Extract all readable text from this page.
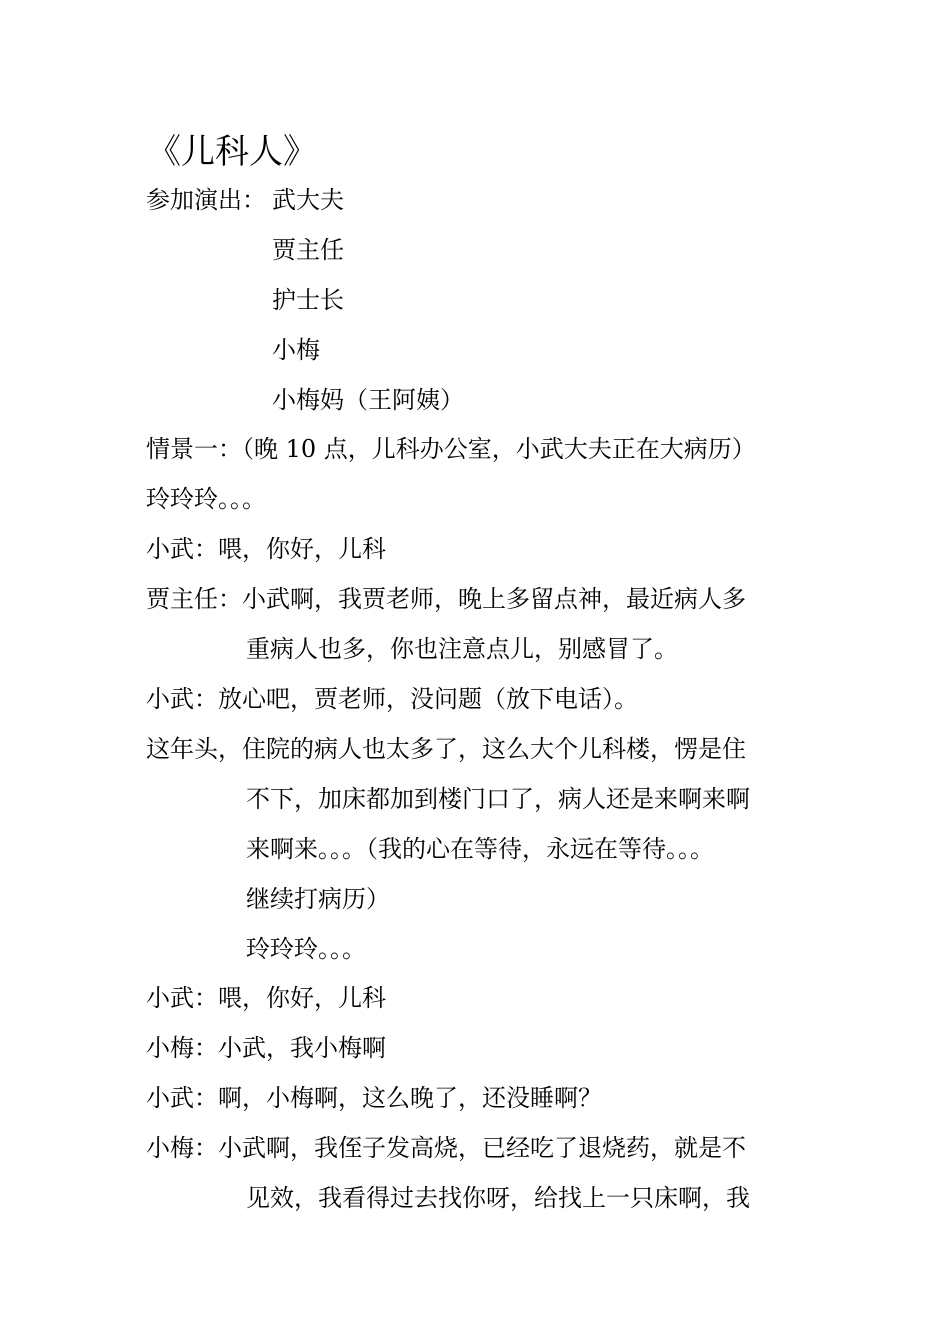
《儿科人》
参加演出： 武大夫
贾主任
护士长
小梅
小梅妈（王阿姨）
情景一：（晚 10 点，儿科办公室，小武大夫正在大病历）
玲玲玲。。。
小武：喂，你好，儿科
贾主任：小武啊，我贾老师，晚上多留点神，最近病人多
重病人也多，你也注意点儿，别感冒了。
小武：放心吧，贾老师，没问题（放下电话）。
这年头，住院的病人也太多了，这么大个儿科楼，愣是住
不下，加床都加到楼门口了，病人还是来啊来啊
来啊来。。。（我的心在等待，永远在等待。。。
继续打病历）
玲玲玲。。。
小武：喂，你好，儿科
小梅：小武，我小梅啊
小武：啊，小梅啊，这么晚了，还没睡啊？
小梅：小武啊，我侄子发高烧，已经吃了退烧药，就是不
见效，我看得过去找你呀，给找上一只床啊，我
